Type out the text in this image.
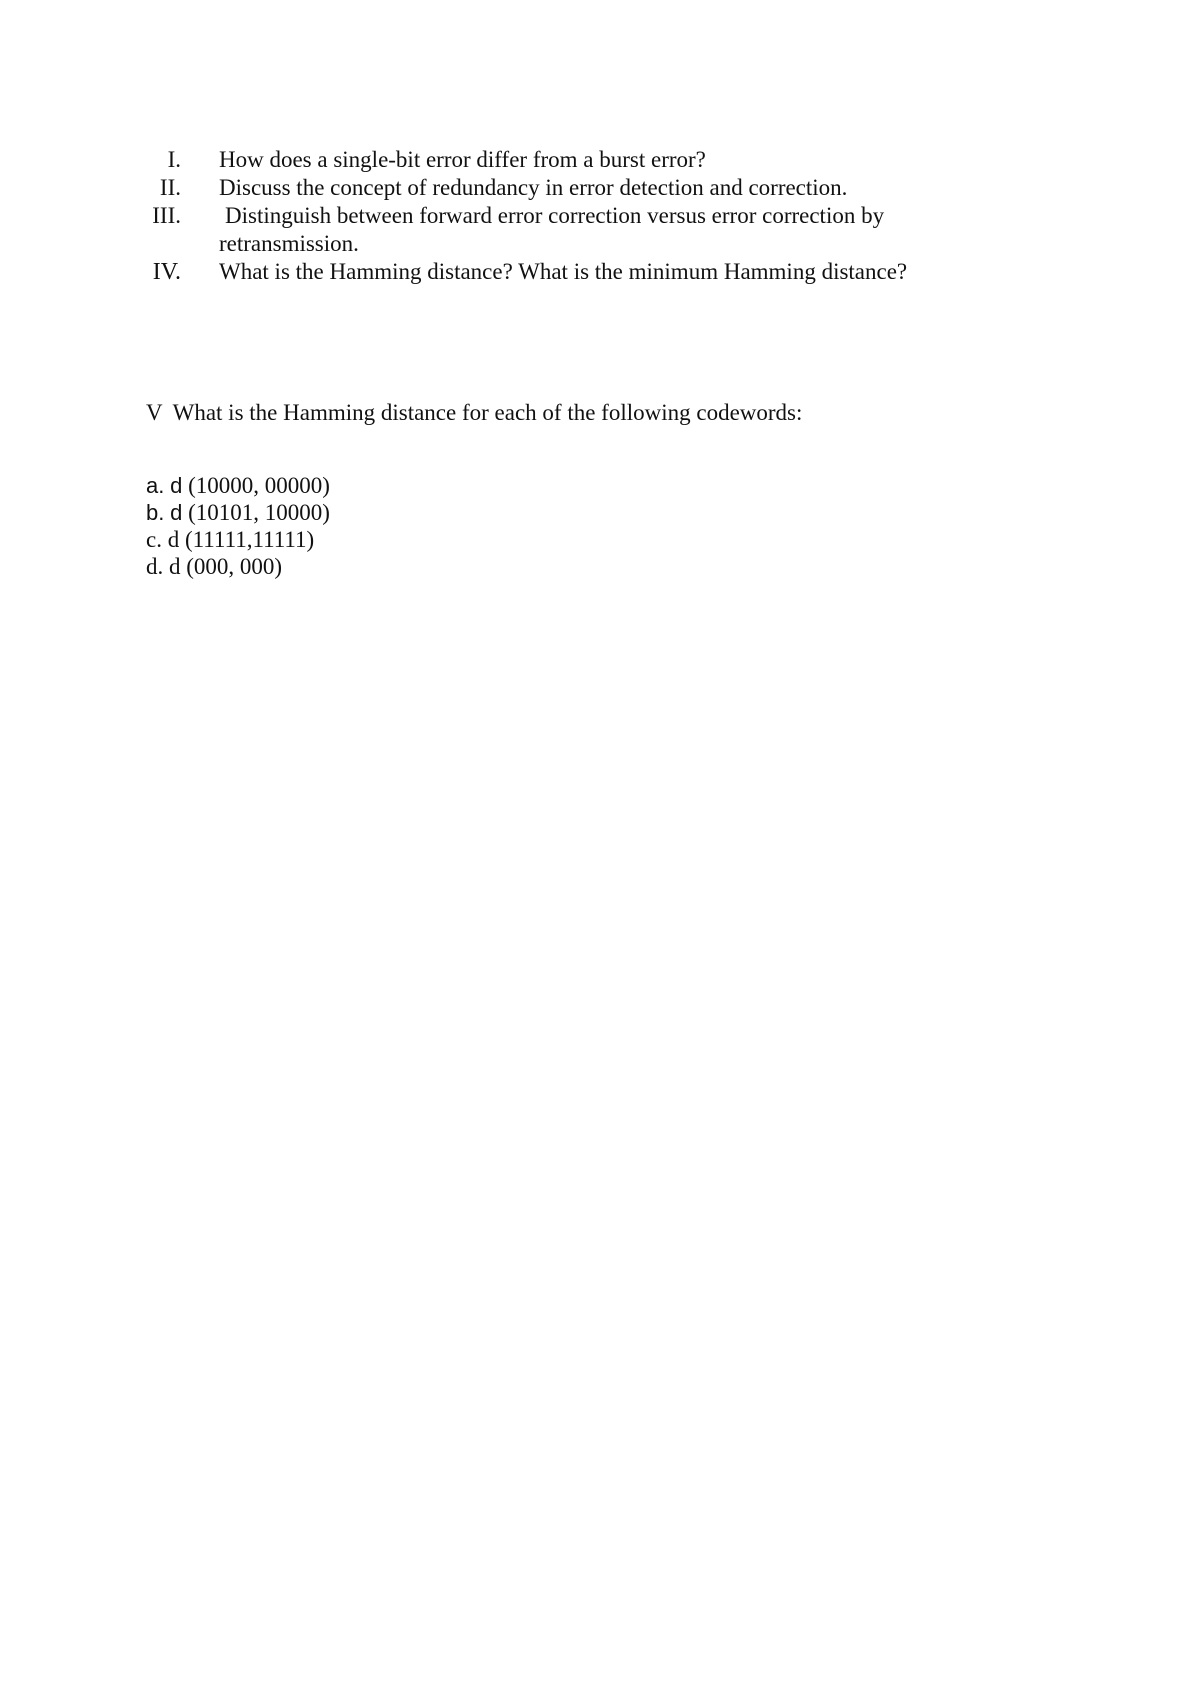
I. How does a single-bit error differ from a burst error?
II. Discuss the concept of redundancy in error detection and correction.
III. Distinguish between forward error correction versus error correction by retransmission.
IV. What is the Hamming distance? What is the minimum Hamming distance?
V What is the Hamming distance for each of the following codewords:
a. d (10000, 00000)
b. d (10101, 10000)
c. d (11111,11111)
d. d (000, 000)
